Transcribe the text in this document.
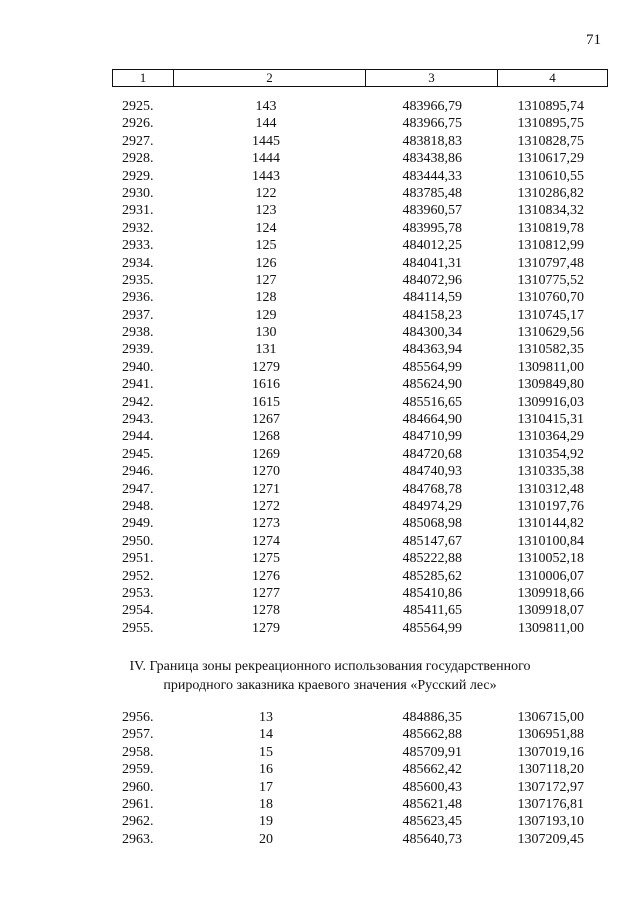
71
1	2	3	4
2925.	143	483966,79	1310895,74
2926.	144	483966,75	1310895,75
2927.	1445	483818,83	1310828,75
2928.	1444	483438,86	1310617,29
2929.	1443	483444,33	1310610,55
2930.	122	483785,48	1310286,82
2931.	123	483960,57	1310834,32
2932.	124	483995,78	1310819,78
2933.	125	484012,25	1310812,99
2934.	126	484041,31	1310797,48
2935.	127	484072,96	1310775,52
2936.	128	484114,59	1310760,70
2937.	129	484158,23	1310745,17
2938.	130	484300,34	1310629,56
2939.	131	484363,94	1310582,35
2940.	1279	485564,99	1309811,00
2941.	1616	485624,90	1309849,80
2942.	1615	485516,65	1309916,03
2943.	1267	484664,90	1310415,31
2944.	1268	484710,99	1310364,29
2945.	1269	484720,68	1310354,92
2946.	1270	484740,93	1310335,38
2947.	1271	484768,78	1310312,48
2948.	1272	484974,29	1310197,76
2949.	1273	485068,98	1310144,82
2950.	1274	485147,67	1310100,84
2951.	1275	485222,88	1310052,18
2952.	1276	485285,62	1310006,07
2953.	1277	485410,86	1309918,66
2954.	1278	485411,65	1309918,07
2955.	1279	485564,99	1309811,00
IV. Граница зоны рекреационного использования государственного
природного заказника краевого значения «Русский лес»
2956.	13	484886,35	1306715,00
2957.	14	485662,88	1306951,88
2958.	15	485709,91	1307019,16
2959.	16	485662,42	1307118,20
2960.	17	485600,43	1307172,97
2961.	18	485621,48	1307176,81
2962.	19	485623,45	1307193,10
2963.	20	485640,73	1307209,45
